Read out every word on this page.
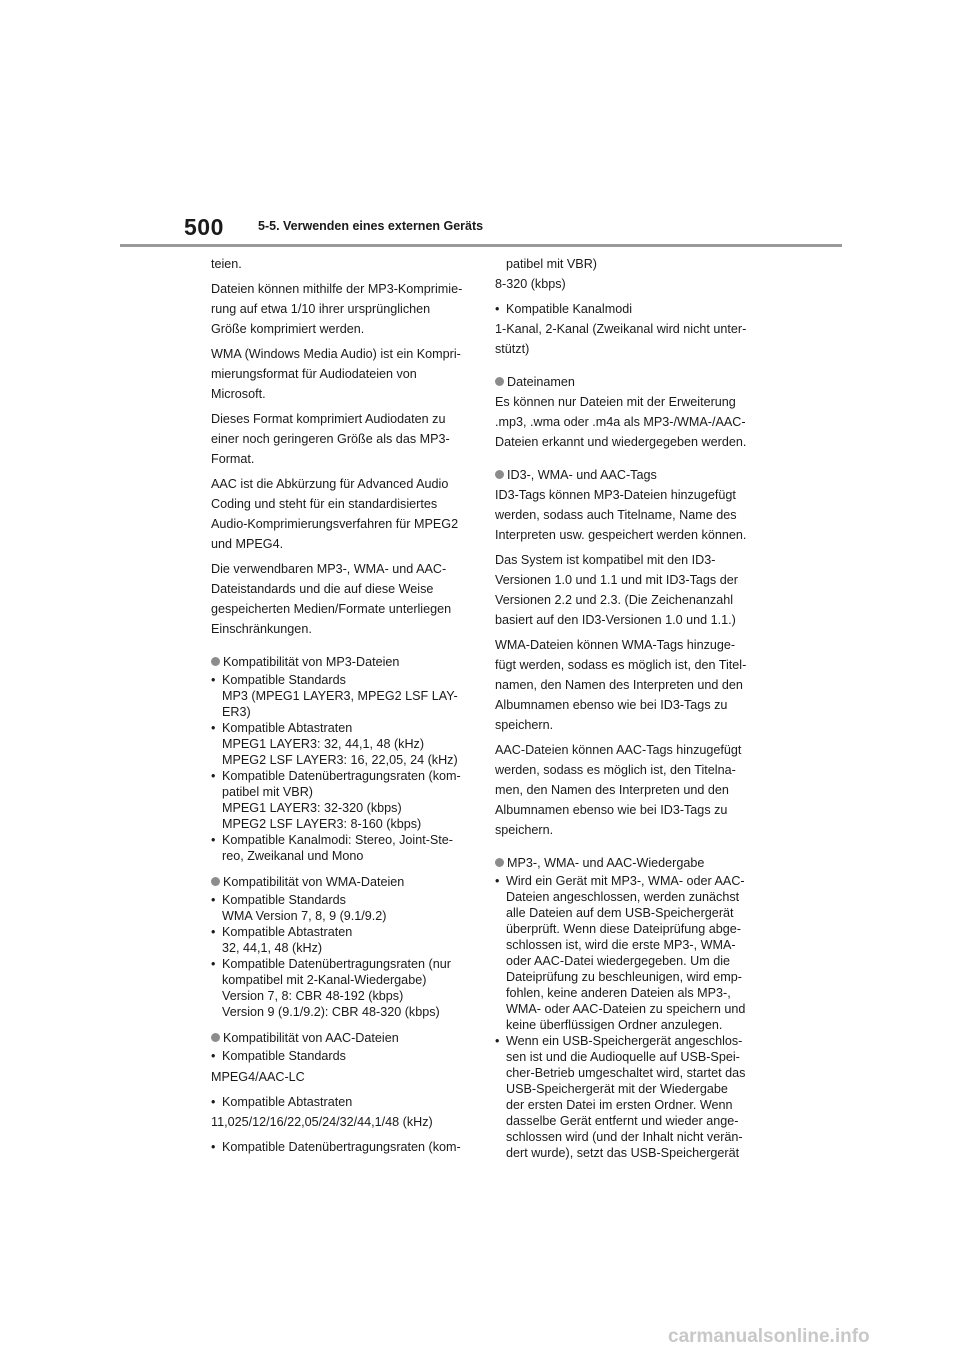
500	5-5. Verwenden eines externen Geräts

teien.

Dateien können mithilfe der MP3-Komprimie- rung auf etwa 1/10 ihrer ursprünglichen Größe komprimiert werden.

WMA (Windows Media Audio) ist ein Kompri- mierungsformat für Audiodateien von Microsoft.

Dieses Format komprimiert Audiodaten zu einer noch geringeren Größe als das MP3- Format.

AAC ist die Abkürzung für Advanced Audio Coding und steht für ein standardisiertes Audio-Komprimierungsverfahren für MPEG2 und MPEG4.

Die verwendbaren MP3-, WMA- und AAC- Dateistandards und die auf diese Weise gespeicherten Medien/Formate unterliegen Einschränkungen.

Kompatibilität von MP3-Dateien
• Kompatible Standards
MP3 (MPEG1 LAYER3, MPEG2 LSF LAY- ER3)
• Kompatible Abtastraten
MPEG1 LAYER3: 32, 44,1, 48 (kHz)
MPEG2 LSF LAYER3: 16, 22,05, 24 (kHz)
• Kompatible Datenübertragungsraten (kom- patibel mit VBR)
MPEG1 LAYER3: 32-320 (kbps)
MPEG2 LSF LAYER3: 8-160 (kbps)
• Kompatible Kanalmodi: Stereo, Joint-Ste- reo, Zweikanal und Mono
Kompatibilität von WMA-Dateien
• Kompatible Standards
WMA Version 7, 8, 9 (9.1/9.2)
• Kompatible Abtastraten
32, 44,1, 48 (kHz)
• Kompatible Datenübertragungsraten (nur kompatibel mit 2-Kanal-Wiedergabe)
Version 7, 8: CBR 48-192 (kbps)
Version 9 (9.1/9.2): CBR 48-320 (kbps)
Kompatibilität von AAC-Dateien
• Kompatible Standards

MPEG4/AAC-LC

• Kompatible Abtastraten

11,025/12/16/22,05/24/32/44,1/48 (kHz)

• Kompatible Datenübertragungsraten (kom-

patibel mit VBR)

8-320 (kbps)

• Kompatible Kanalmodi

1-Kanal, 2-Kanal (Zweikanal wird nicht unter- stützt)

Dateinamen

Es können nur Dateien mit der Erweiterung .mp3, .wma oder .m4a als MP3-/WMA-/AAC- Dateien erkannt und wiedergegeben werden.

ID3-, WMA- und AAC-Tags

ID3-Tags können MP3-Dateien hinzugefügt werden, sodass auch Titelname, Name des Interpreten usw. gespeichert werden können.

Das System ist kompatibel mit den ID3- Versionen 1.0 und 1.1 und mit ID3-Tags der Versionen 2.2 und 2.3. (Die Zeichenanzahl basiert auf den ID3-Versionen 1.0 und 1.1.)

WMA-Dateien können WMA-Tags hinzuge- fügt werden, sodass es möglich ist, den Titel- namen, den Namen des Interpreten und den Albumnamen ebenso wie bei ID3-Tags zu speichern.

AAC-Dateien können AAC-Tags hinzugefügt werden, sodass es möglich ist, den Titelna- men, den Namen des Interpreten und den Albumnamen ebenso wie bei ID3-Tags zu speichern.

MP3-, WMA- und AAC-Wiedergabe
• Wird ein Gerät mit MP3-, WMA- oder AAC- Dateien angeschlossen, werden zunächst alle Dateien auf dem USB-Speichergerät überprüft. Wenn diese Dateiprüfung abge- schlossen ist, wird die erste MP3-, WMA- oder AAC-Datei wiedergegeben. Um die Dateiprüfung zu beschleunigen, wird emp- fohlen, keine anderen Dateien als MP3-, WMA- oder AAC-Dateien zu speichern und keine überflüssigen Ordner anzulegen.
• Wenn ein USB-Speichergerät angeschlos- sen ist und die Audioquelle auf USB-Spei- cher-Betrieb umgeschaltet wird, startet das USB-Speichergerät mit der Wiedergabe der ersten Datei im ersten Ordner. Wenn dasselbe Gerät entfernt und wieder ange- schlossen wird (und der Inhalt nicht verän- dert wurde), setzt das USB-Speichergerät
carmanualsonline.info
